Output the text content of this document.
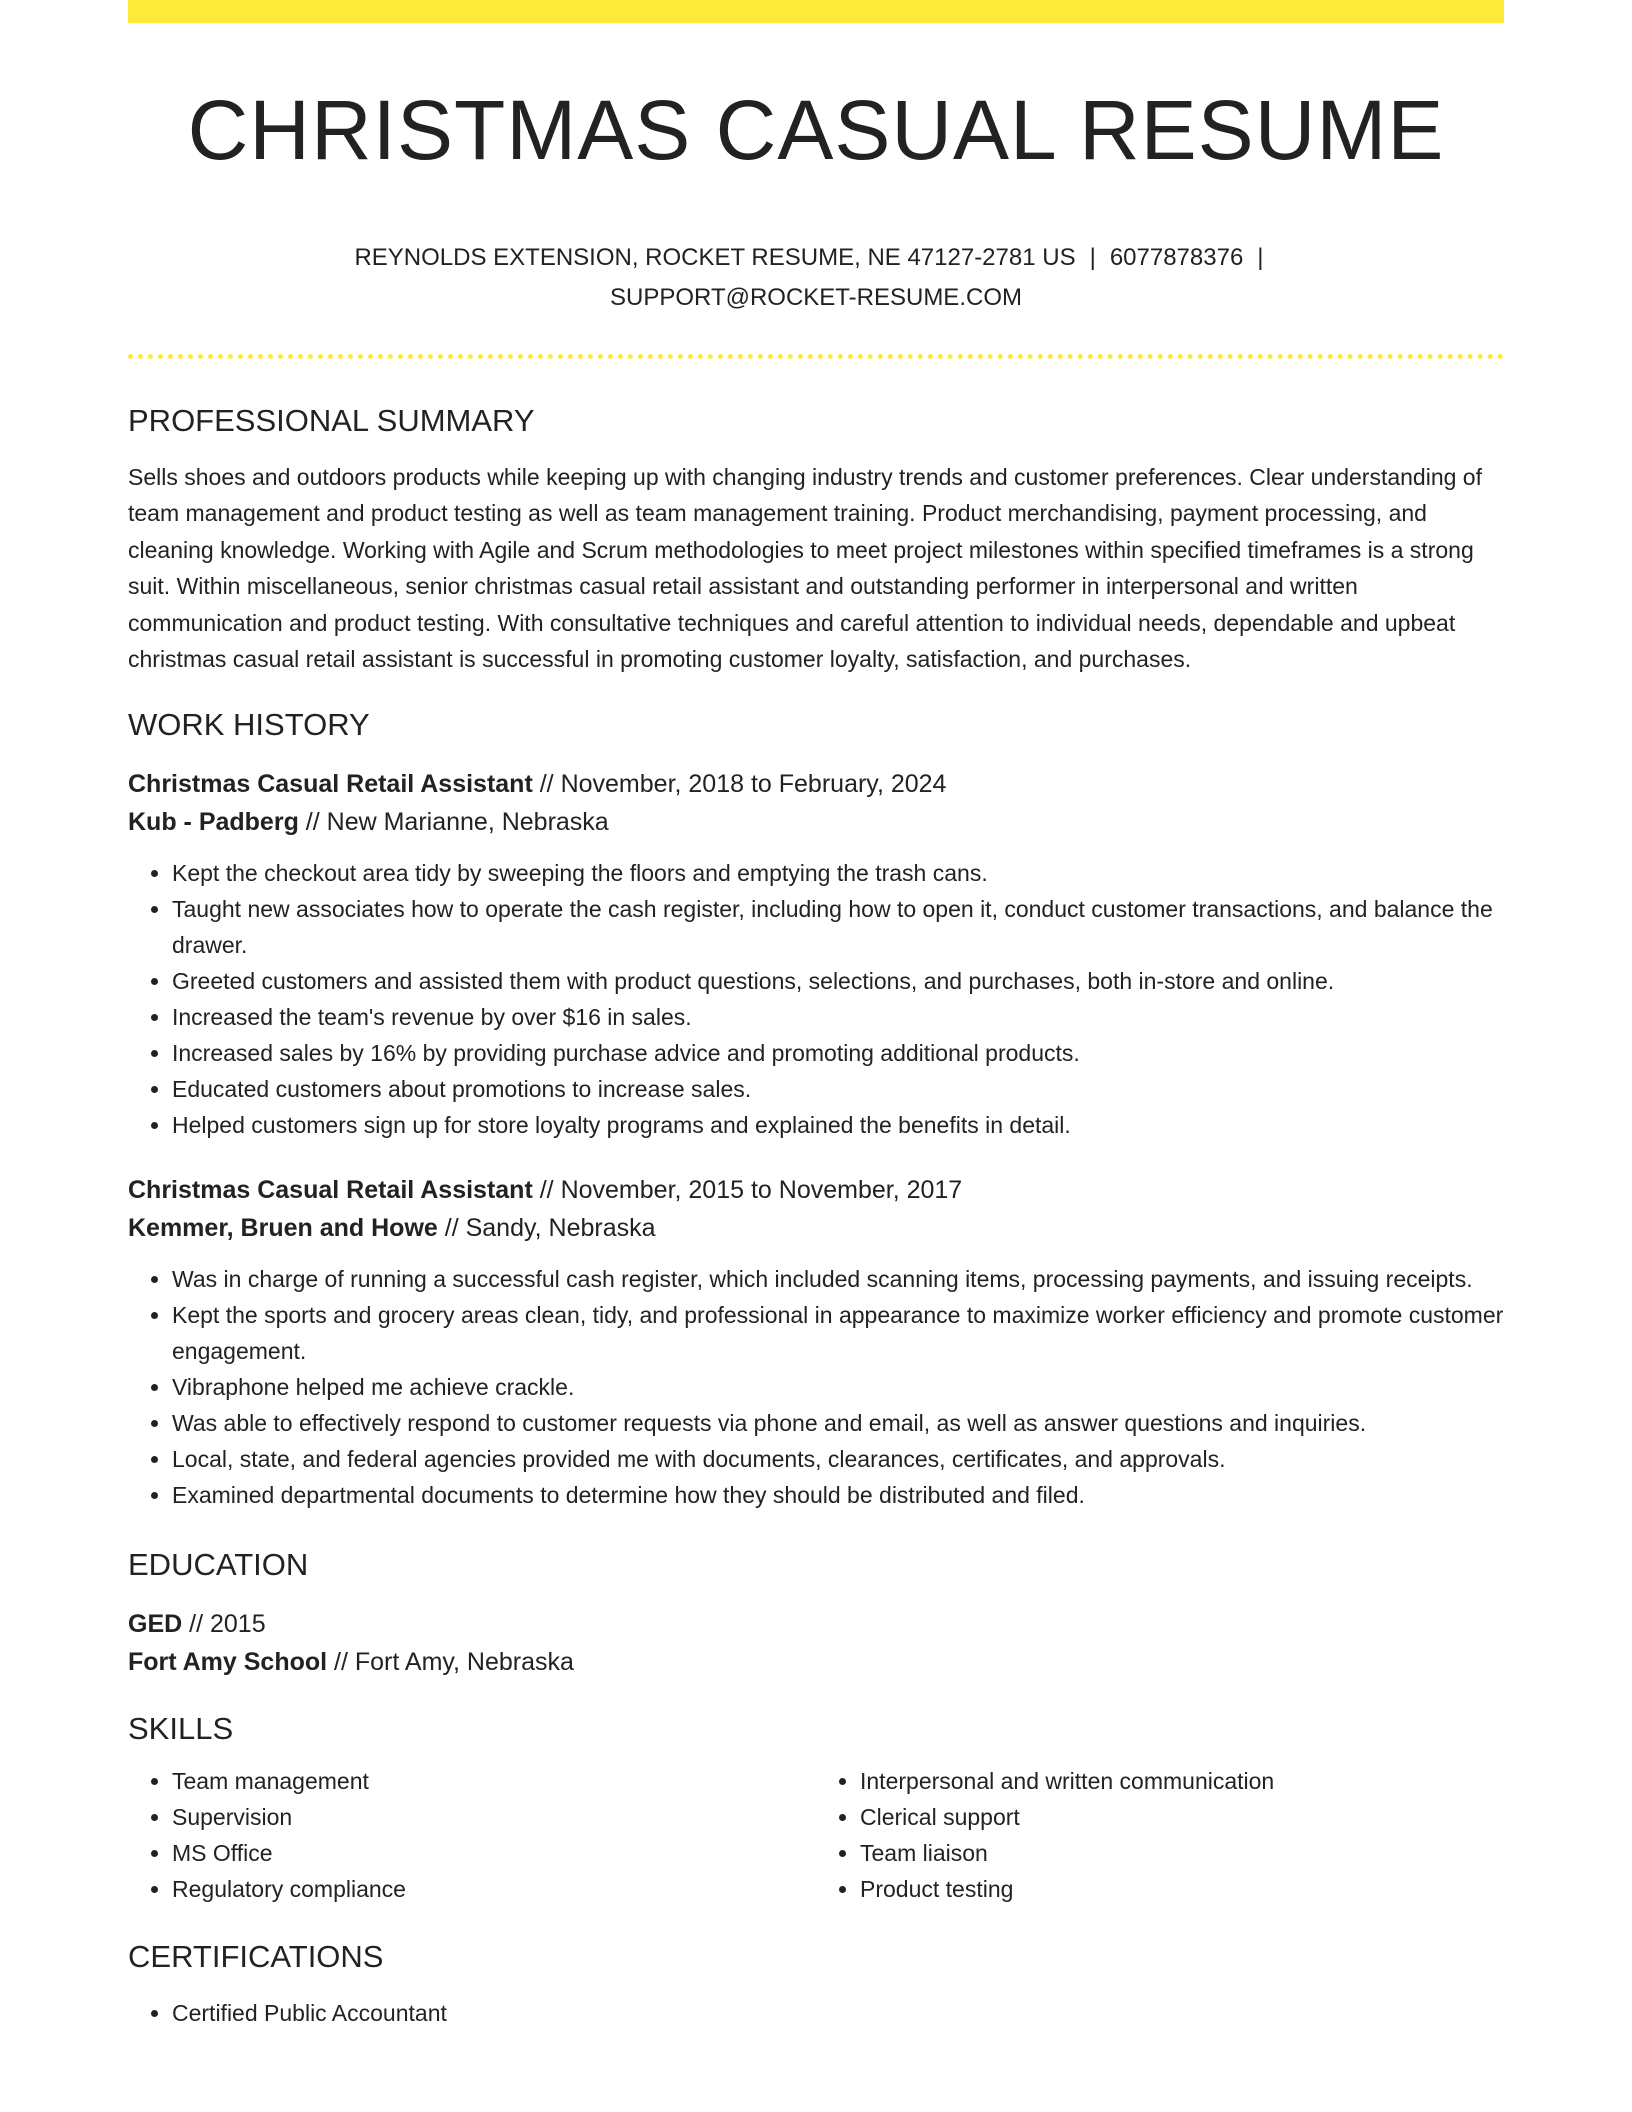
CHRISTMAS CASUAL RESUME
REYNOLDS EXTENSION, ROCKET RESUME, NE 47127-2781 US | 6077878376 |
SUPPORT@ROCKET-RESUME.COM
PROFESSIONAL SUMMARY
Sells shoes and outdoors products while keeping up with changing industry trends and customer preferences. Clear understanding of team management and product testing as well as team management training. Product merchandising, payment processing, and cleaning knowledge. Working with Agile and Scrum methodologies to meet project milestones within specified timeframes is a strong suit. Within miscellaneous, senior christmas casual retail assistant and outstanding performer in interpersonal and written communication and product testing. With consultative techniques and careful attention to individual needs, dependable and upbeat christmas casual retail assistant is successful in promoting customer loyalty, satisfaction, and purchases.
WORK HISTORY
Christmas Casual Retail Assistant // November, 2018 to February, 2024
Kub - Padberg // New Marianne, Nebraska
• Kept the checkout area tidy by sweeping the floors and emptying the trash cans.
• Taught new associates how to operate the cash register, including how to open it, conduct customer transactions, and balance the drawer.
• Greeted customers and assisted them with product questions, selections, and purchases, both in-store and online.
• Increased the team's revenue by over $16 in sales.
• Increased sales by 16% by providing purchase advice and promoting additional products.
• Educated customers about promotions to increase sales.
• Helped customers sign up for store loyalty programs and explained the benefits in detail.
Christmas Casual Retail Assistant // November, 2015 to November, 2017
Kemmer, Bruen and Howe // Sandy, Nebraska
• Was in charge of running a successful cash register, which included scanning items, processing payments, and issuing receipts.
• Kept the sports and grocery areas clean, tidy, and professional in appearance to maximize worker efficiency and promote customer engagement.
• Vibraphone helped me achieve crackle.
• Was able to effectively respond to customer requests via phone and email, as well as answer questions and inquiries.
• Local, state, and federal agencies provided me with documents, clearances, certificates, and approvals.
• Examined departmental documents to determine how they should be distributed and filed.
EDUCATION
GED // 2015
Fort Amy School // Fort Amy, Nebraska
SKILLS
• Team management
• Supervision
• MS Office
• Regulatory compliance
• Interpersonal and written communication
• Clerical support
• Team liaison
• Product testing
CERTIFICATIONS
• Certified Public Accountant
